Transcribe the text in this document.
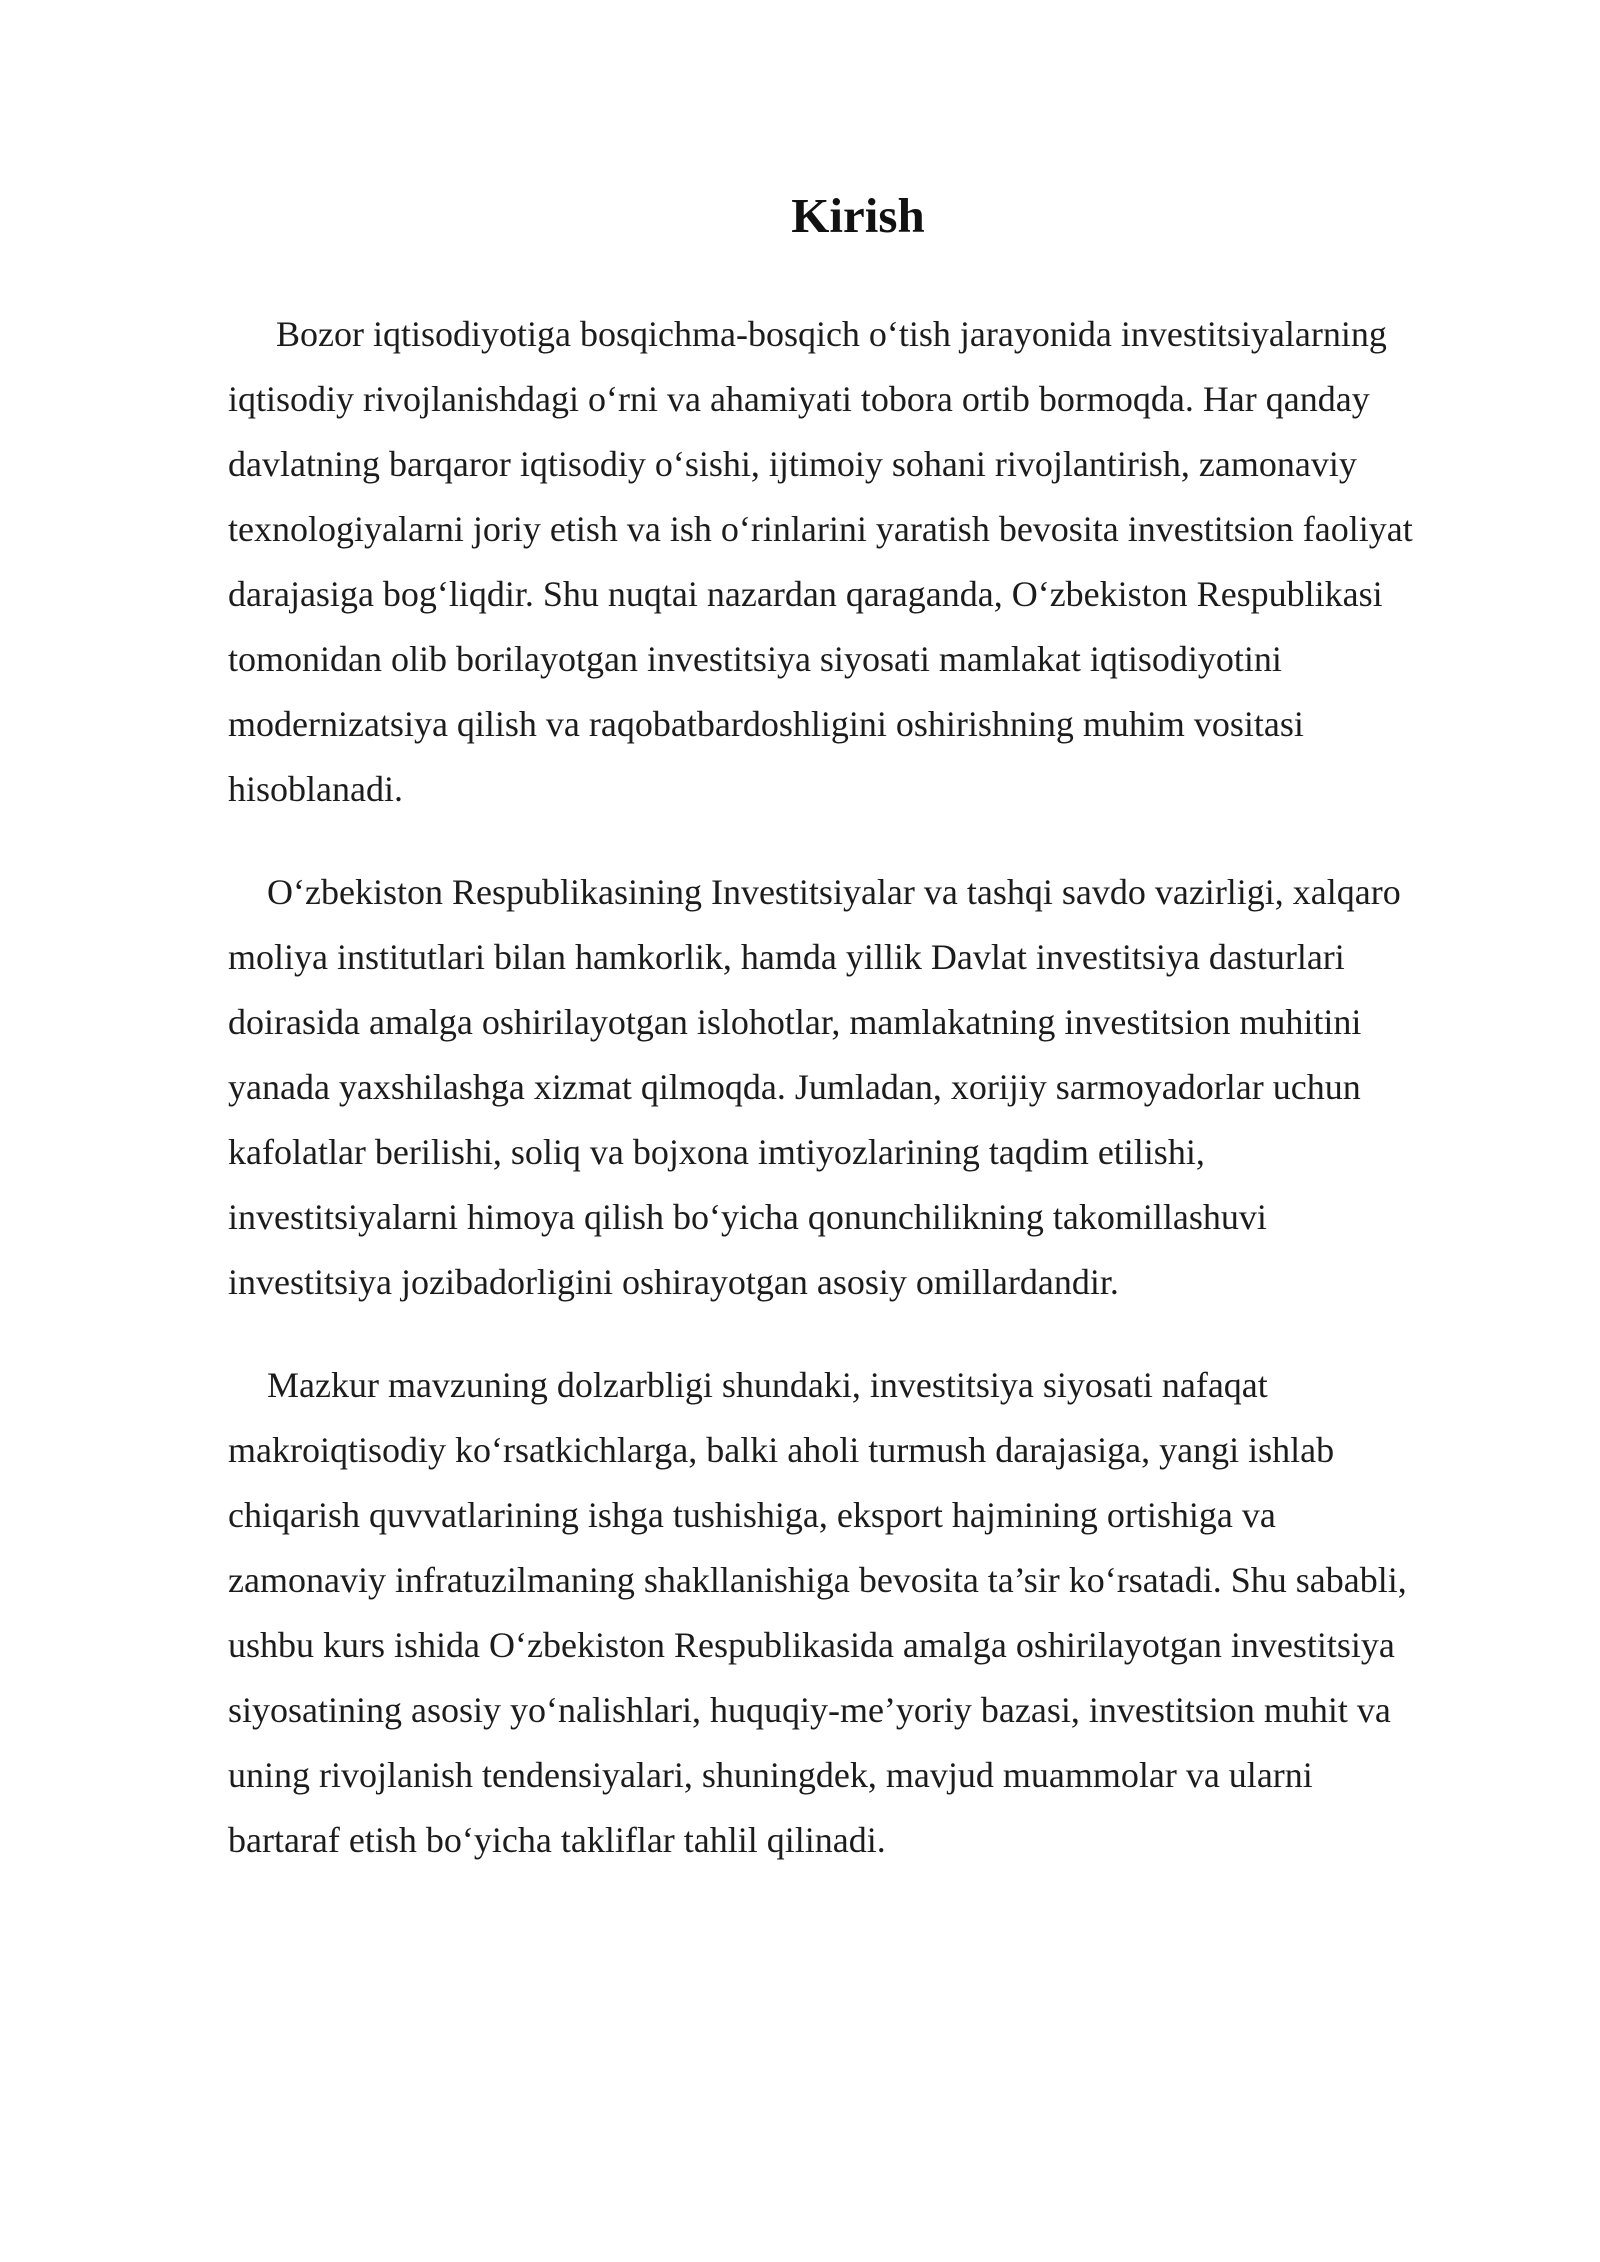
Kirish

Bozor iqtisodiyotiga bosqichma-bosqich o‘tish jarayonida investitsiyalarning
iqtisodiy rivojlanishdagi o‘rni va ahamiyati tobora ortib bormoqda. Har qanday
davlatning barqaror iqtisodiy o‘sishi, ijtimoiy sohani rivojlantirish, zamonaviy
texnologiyalarni joriy etish va ish o‘rinlarini yaratish bevosita investitsion faoliyat
darajasiga bog‘liqdir. Shu nuqtai nazardan qaraganda, O‘zbekiston Respublikasi
tomonidan olib borilayotgan investitsiya siyosati mamlakat iqtisodiyotini
modernizatsiya qilish va raqobatbardoshligini oshirishning muhim vositasi
hisoblanadi.

O‘zbekiston Respublikasining Investitsiyalar va tashqi savdo vazirligi, xalqaro
moliya institutlari bilan hamkorlik, hamda yillik Davlat investitsiya dasturlari
doirasida amalga oshirilayotgan islohotlar, mamlakatning investitsion muhitini
yanada yaxshilashga xizmat qilmoqda. Jumladan, xorijiy sarmoyadorlar uchun
kafolatlar berilishi, soliq va bojxona imtiyozlarining taqdim etilishi,
investitsiyalarni himoya qilish bo‘yicha qonunchilikning takomillashuvi
investitsiya jozibadorligini oshirayotgan asosiy omillardandir.

Mazkur mavzuning dolzarbligi shundaki, investitsiya siyosati nafaqat
makroiqtisodiy ko‘rsatkichlarga, balki aholi turmush darajasiga, yangi ishlab
chiqarish quvvatlarining ishga tushishiga, eksport hajmining ortishiga va
zamonaviy infratuzilmaning shakllanishiga bevosita ta’sir ko‘rsatadi. Shu sababli,
ushbu kurs ishida O‘zbekiston Respublikasida amalga oshirilayotgan investitsiya
siyosatining asosiy yo‘nalishlari, huquqiy-me’yoriy bazasi, investitsion muhit va
uning rivojlanish tendensiyalari, shuningdek, mavjud muammolar va ularni
bartaraf etish bo‘yicha takliflar tahlil qilinadi.
